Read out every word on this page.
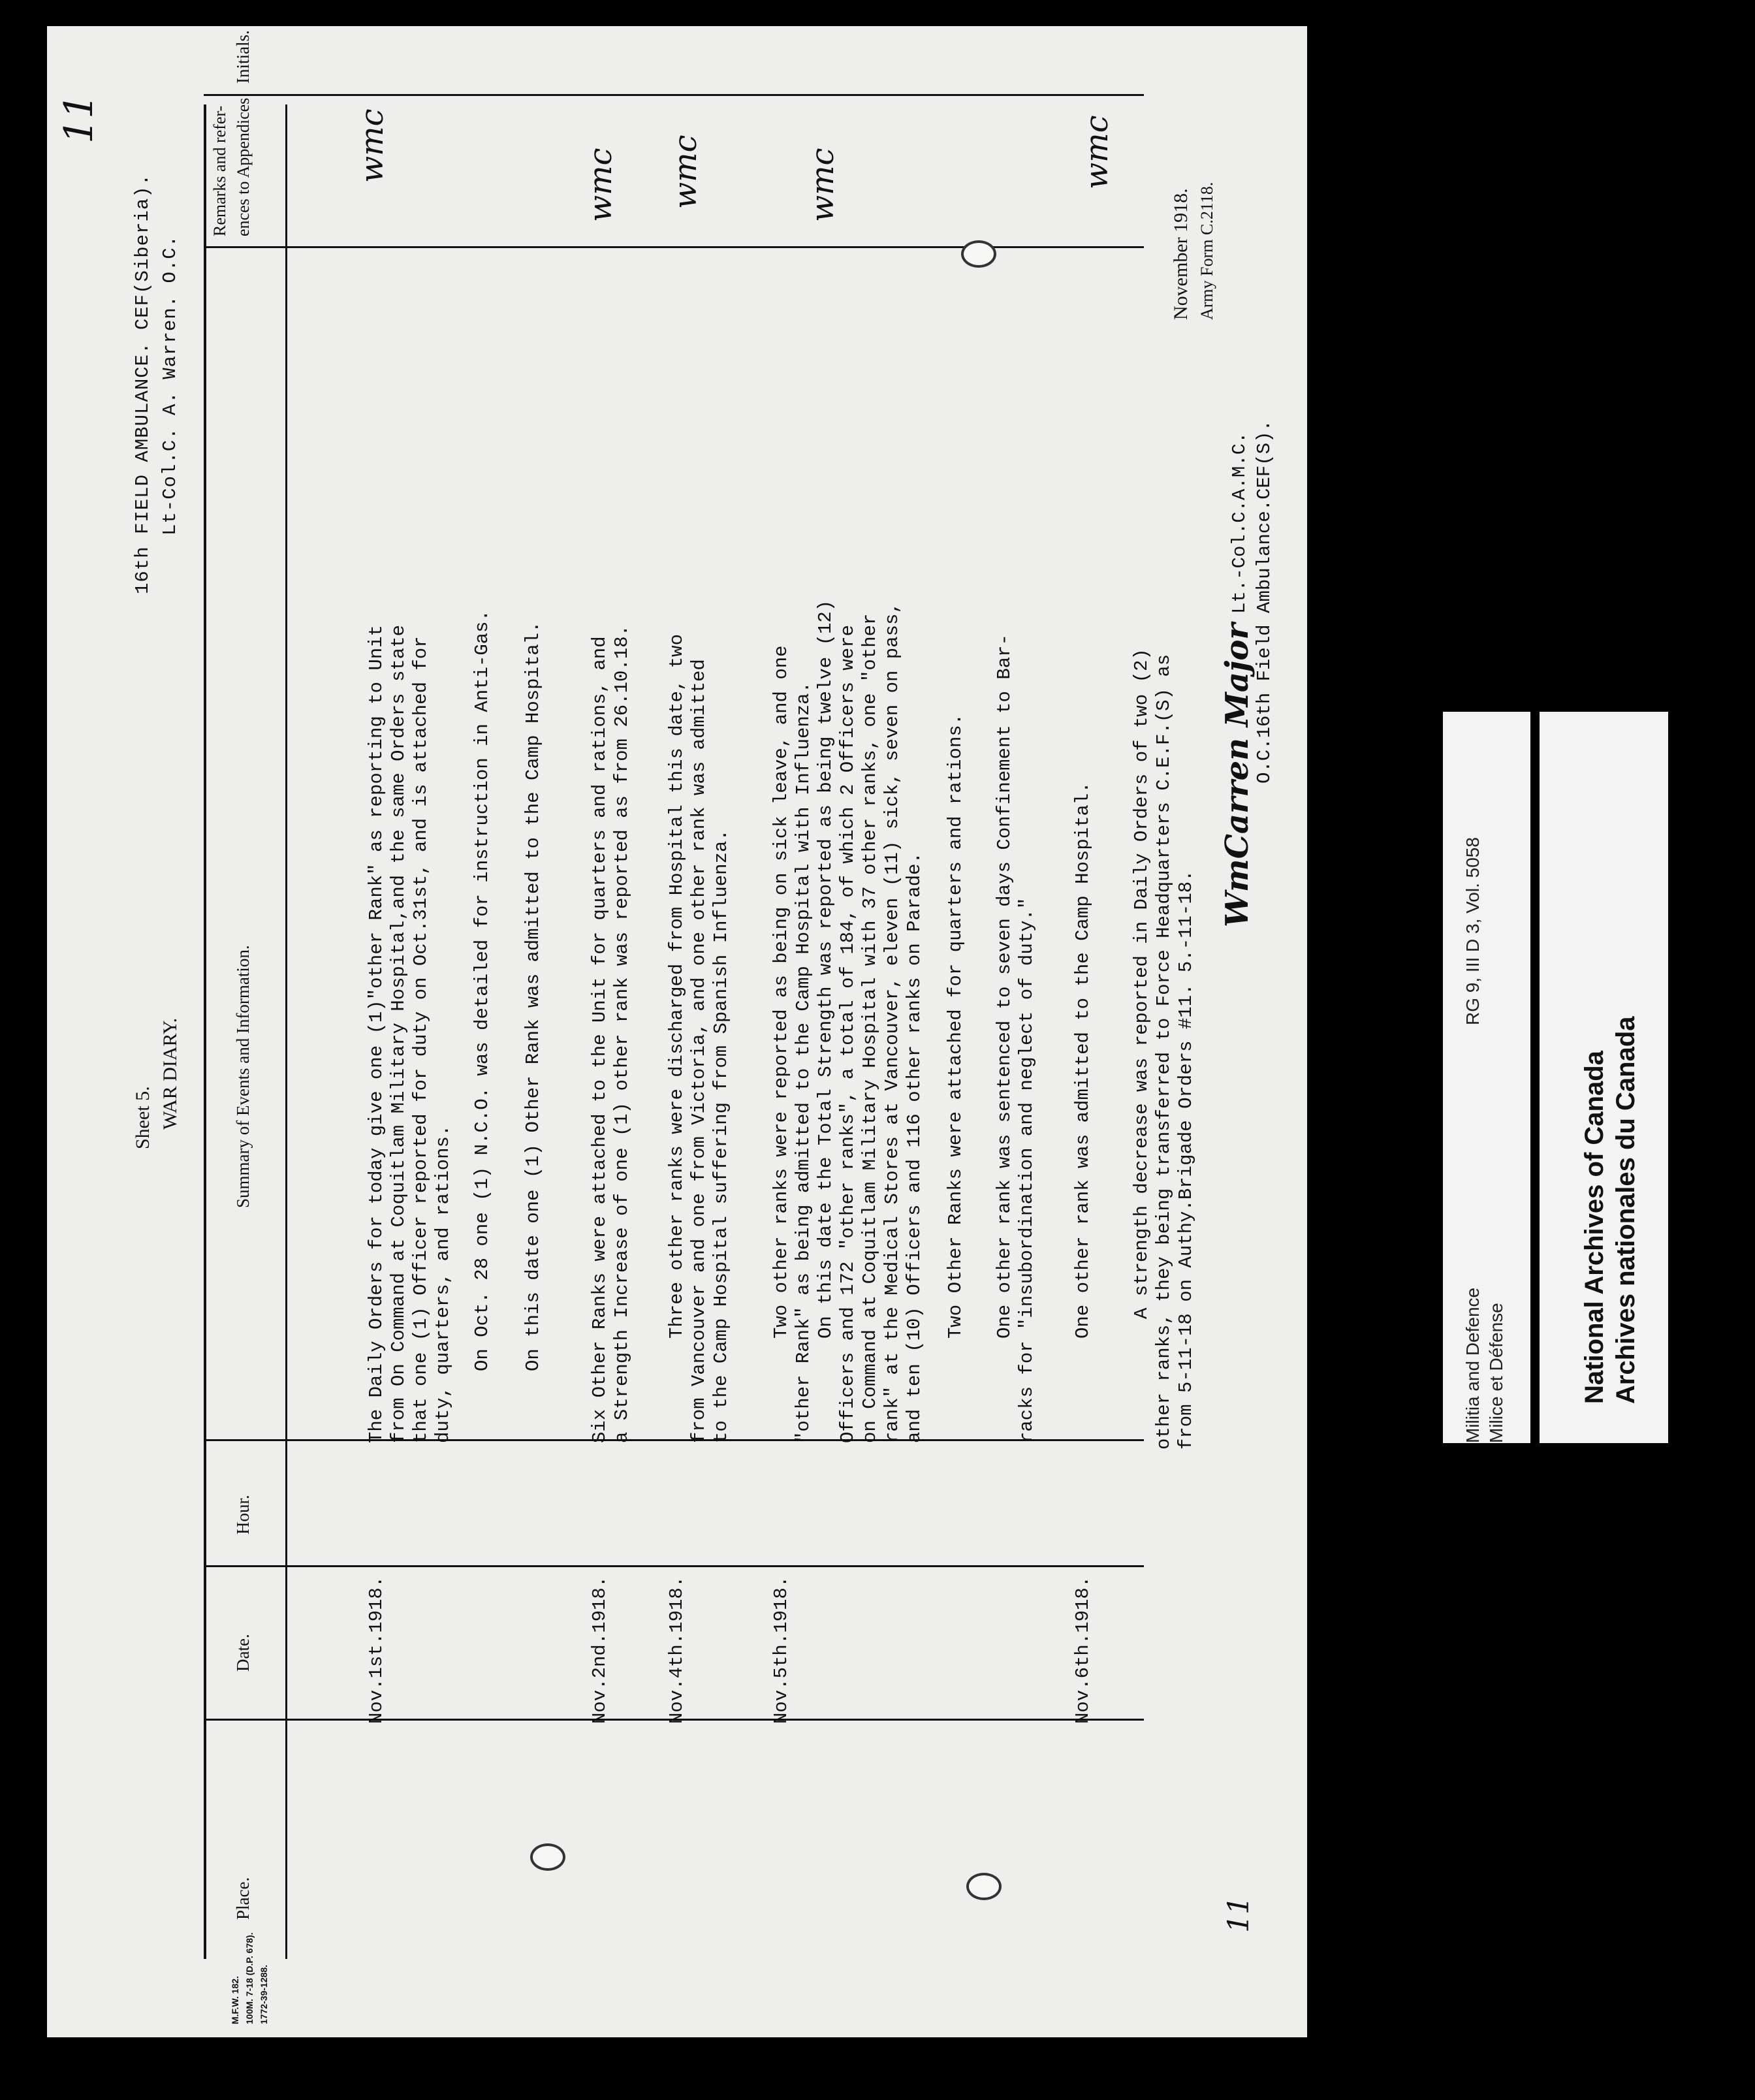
11
11
16th FIELD AMBULANCE. CEF(Siberia). Lt-Col.C. A. Warren. O.C.
Sheet 5. WAR DIARY.
November 1918. Army Form C.2118.
M.F.W. 182. 100M. 7-18 (D.P. 678). 1772-39-1288.
Place.
Date.
Hour.
Summary of Events and Information.
Remarks and refer- ences to Appendices
Initials.
Nov.1st.1918.
The Daily Orders for today give one (1)"other Rank" as reporting to Unit from On Command at Coquitlam Military Hospital,and the same Orders state that one (1) Officer reported for duty on Oct.31st, and is attached for duty, quarters, and rations.
wmc
On Oct. 28 one (1) N.C.O. was detailed for instruction in Anti-Gas. On this date one (1) Other Rank was admitted to the Camp Hospital.
Nov.2nd.1918.
Six Other Ranks were attached to the Unit for quarters and rations, and a Strength Increase of one (1) other rank was reported as from 26.10.18.
wmc
Nov.4th.1918.
Three other ranks were discharged from Hospital this date, two from Vancouver and one from Victoria, and one other rank was admitted to the Camp Hospital suffering from Spanish Influenza.
wmc
Nov.5th.1918.
Two other ranks were reported as being on sick leave, and one "other Rank" as being admitted to the Camp Hospital with Influenza. On this date the Total Strength was reported as being twelve (12) Officers and 172 "other ranks", a total of 184, of which 2 Officers were on Command at Coquitlam Military Hospital with 37 other ranks, one "other rank" at the Medical Stores at Vancouver, eleven (11) sick, seven on pass, and ten (10) Officers and 116 other ranks on Parade.
wmc
Two Other Ranks were attached for quarters and rations. One other rank was sentenced to seven days Confinement to Bar- racks for "insubordination and neglect of duty."
Nov.6th.1918.
One other rank was admitted to the Camp Hospital.
wmc
A strength decrease was reported in Daily Orders of two (2) other ranks, they being transferred to Force Headquarters C.E.F.(S) as from 5-11-18 on Authy.Brigade Orders #11. 5.-11-18.
WmCarren Major
Lt.-Col.C.A.M.C. O.C.16th Field Ambulance.CEF(S).
Militia and Defence Milice et Défense
RG 9, III D 3, Vol. 5058
National Archives of Canada Archives nationales du Canada
